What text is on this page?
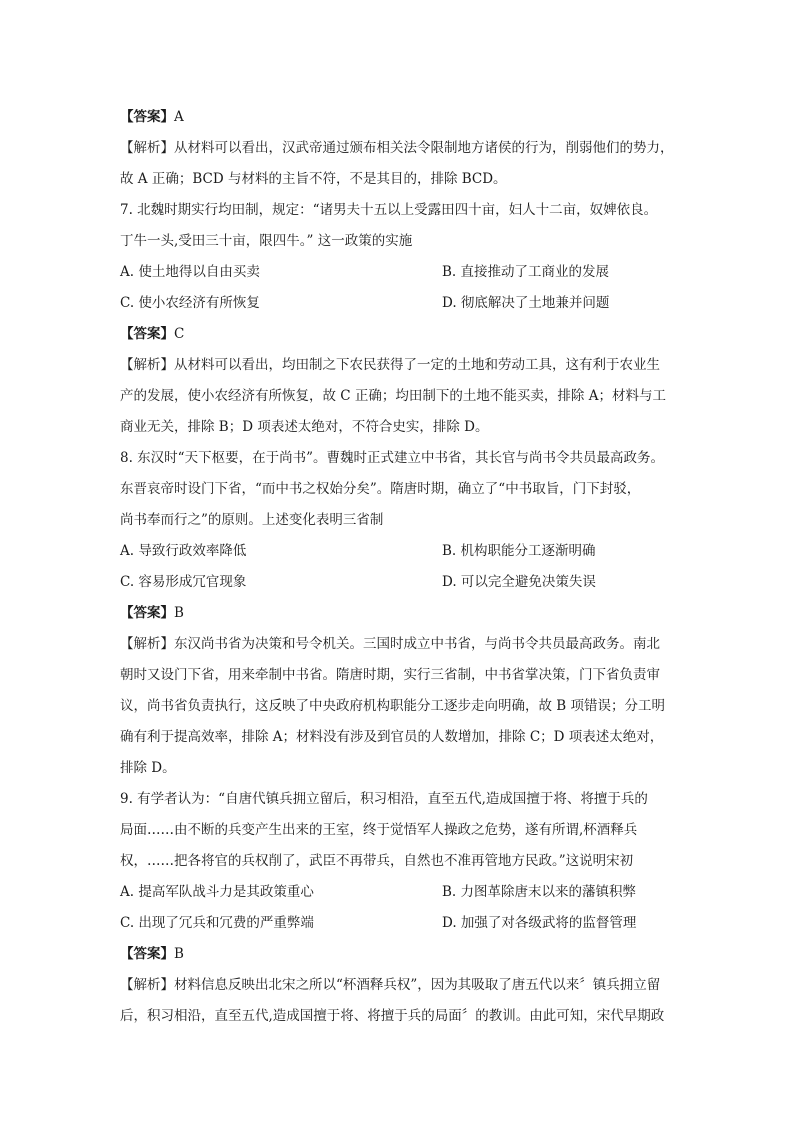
【答案】A
【解析】从材料可以看出，汉武帝通过颁布相关法令限制地方诸侯的行为，削弱他们的势力，
故 A 正确；BCD 与材料的主旨不符，不是其目的，排除 BCD。
7. 北魏时期实行均田制，规定：“诸男夫十五以上受露田四十亩，妇人十二亩，奴婢依良。
丁牛一头,受田三十亩，限四牛。” 这一政策的实施
A. 使土地得以自由买卖	B. 直接推动了工商业的发展
C. 使小农经济有所恢复	D. 彻底解决了土地兼并问题
【答案】C
【解析】从材料可以看出，均田制之下农民获得了一定的土地和劳动工具，这有利于农业生
产的发展，使小农经济有所恢复，故 C 正确；均田制下的土地不能买卖，排除 A；材料与工
商业无关，排除 B；D 项表述太绝对，不符合史实，排除 D。
8. 东汉时“天下枢要，在于尚书”。曹魏时正式建立中书省，其长官与尚书令共员最高政务。
东晋哀帝时设门下省，“而中书之权始分矣”。隋唐时期，确立了“中书取旨，门下封驳，
尚书奉而行之”的原则。上述变化表明三省制
A. 导致行政效率降低	B. 机构职能分工逐渐明确
C. 容易形成冗官现象	D. 可以完全避免决策失误
【答案】B
【解析】东汉尚书省为决策和号令机关。三国时成立中书省，与尚书令共员最高政务。南北
朝时又设门下省，用来牵制中书省。隋唐时期，实行三省制，中书省掌决策，门下省负责审
议，尚书省负责执行，这反映了中央政府机构职能分工逐步走向明确，故 B 项错误；分工明
确有利于提高效率，排除 A；材料没有涉及到官员的人数增加，排除 C；D 项表述太绝对，
排除 D。
9. 有学者认为：“自唐代镇兵拥立留后，积习相沿，直至五代,造成国擅于将、将擅于兵的
局面……由不断的兵变产生出来的王室，终于觉悟军人操政之危势，遂有所谓,杯酒释兵
权，……把各将官的兵权削了，武臣不再带兵，自然也不准再管地方民政。”这说明宋初
A. 提高军队战斗力是其政策重心	B. 力图革除唐末以来的藩镇积弊
C. 出现了冗兵和冗费的严重弊端	D. 加强了对各级武将的监督管理
【答案】B
【解析】材料信息反映出北宋之所以“杯酒释兵权”，因为其吸取了唐五代以来〞镇兵拥立留
后，积习相沿，直至五代,造成国擅于将、将擅于兵的局面〞的教训。由此可知，宋代早期政
